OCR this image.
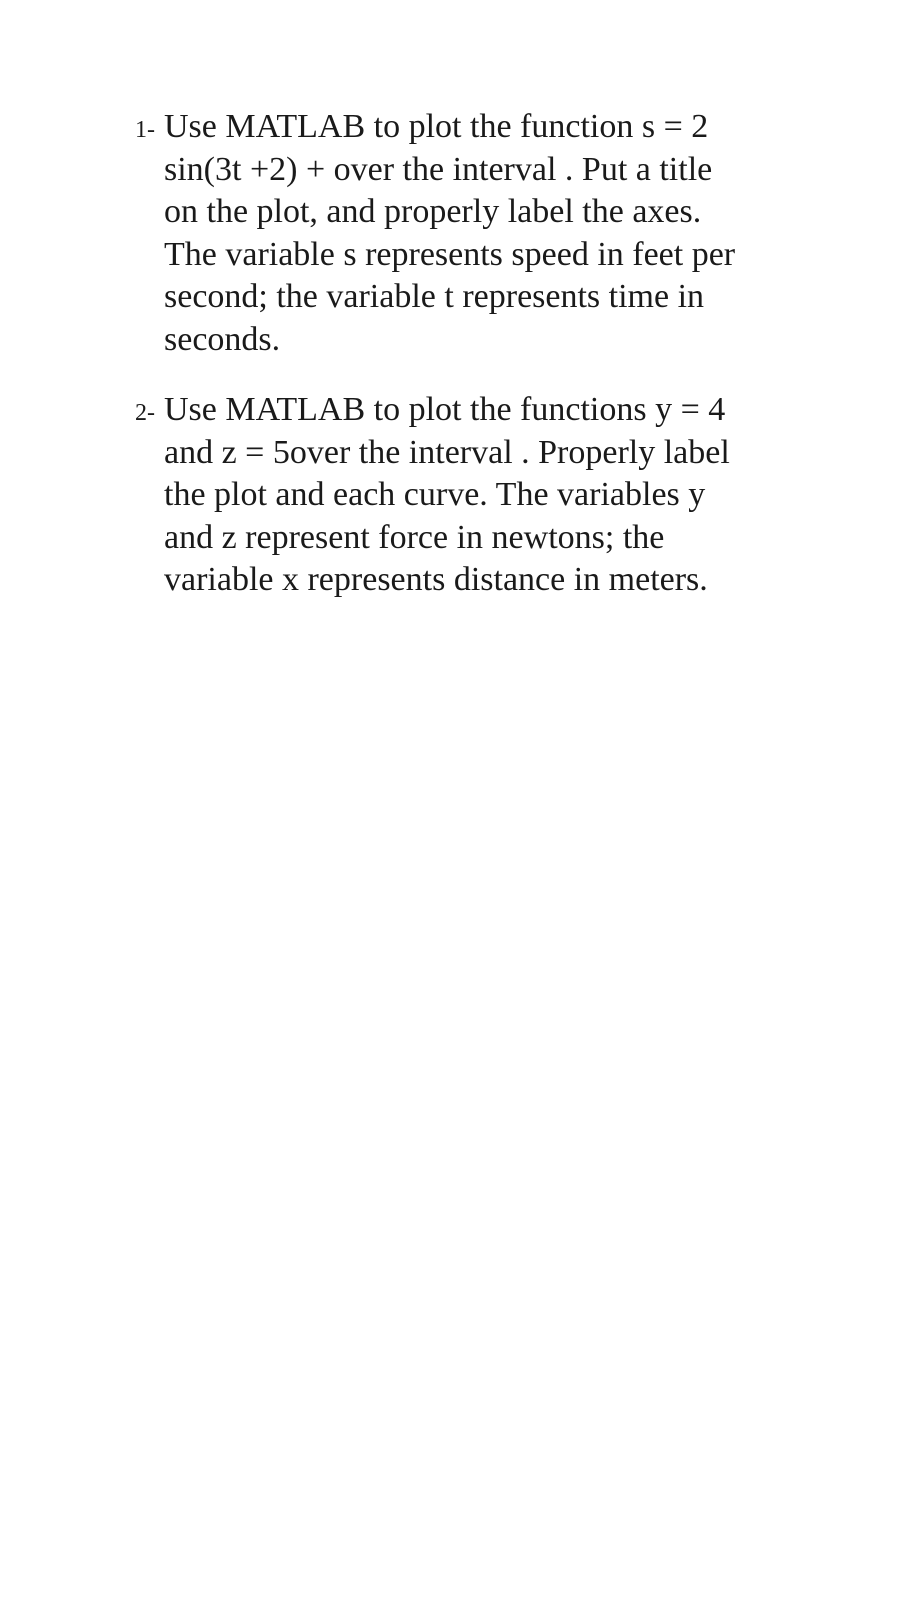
1- Use MATLAB to plot the function s = 2
sin(3t +2) + over the interval . Put a title
on the plot, and properly label the axes.
The variable s represents speed in feet per
second; the variable t represents time in
seconds.

2- Use MATLAB to plot the functions y = 4
and z = 5over the interval . Properly label
the plot and each curve. The variables y
and z represent force in newtons; the
variable x represents distance in meters.
